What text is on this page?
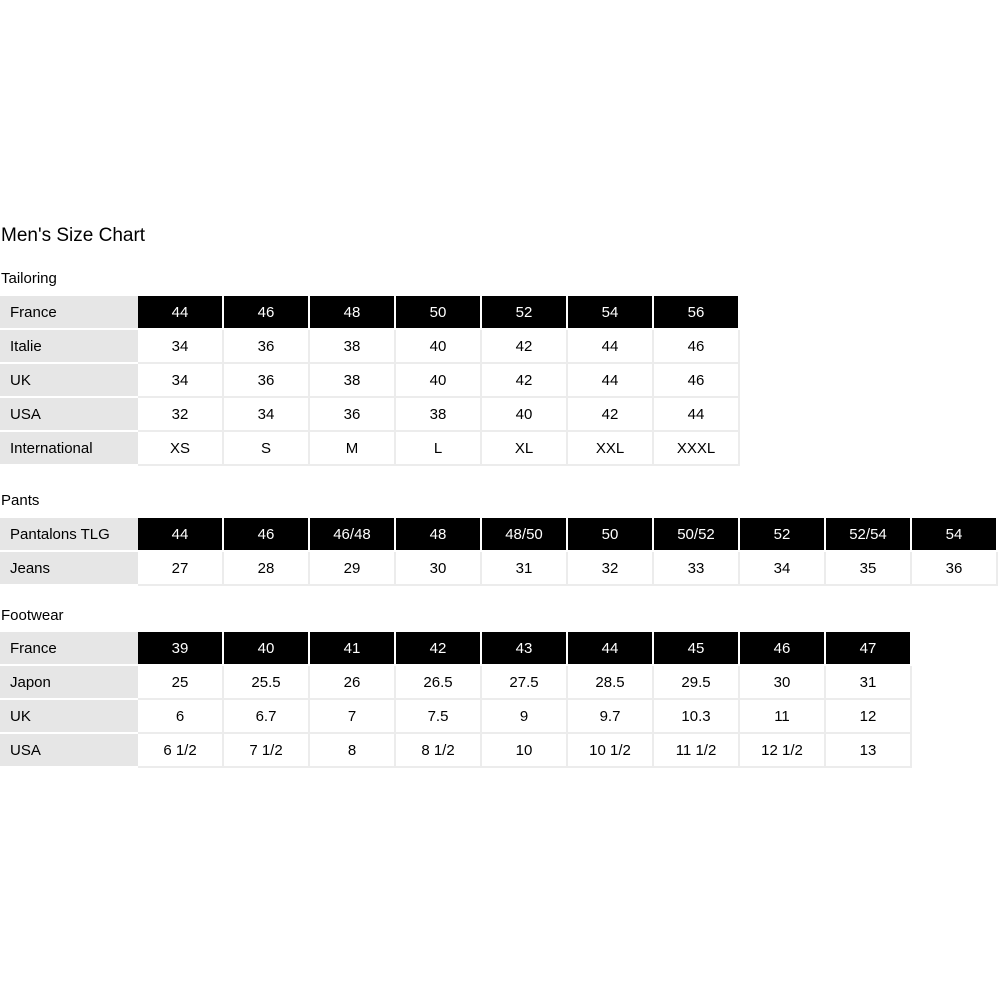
Men's Size Chart
Tailoring
France	44	46	48	50	52	54	56
Italie	34	36	38	40	42	44	46
UK	34	36	38	40	42	44	46
USA	32	34	36	38	40	42	44
International	XS	S	M	L	XL	XXL	XXXL
Pants
Pantalons TLG	44	46	46/48	48	48/50	50	50/52	52	52/54	54
Jeans	27	28	29	30	31	32	33	34	35	36
Footwear
France	39	40	41	42	43	44	45	46	47
Japon	25	25.5	26	26.5	27.5	28.5	29.5	30	31
UK	6	6.7	7	7.5	9	9.7	10.3	11	12
USA	6 1/2	7 1/2	8	8 1/2	10	10 1/2	11 1/2	12 1/2	13
